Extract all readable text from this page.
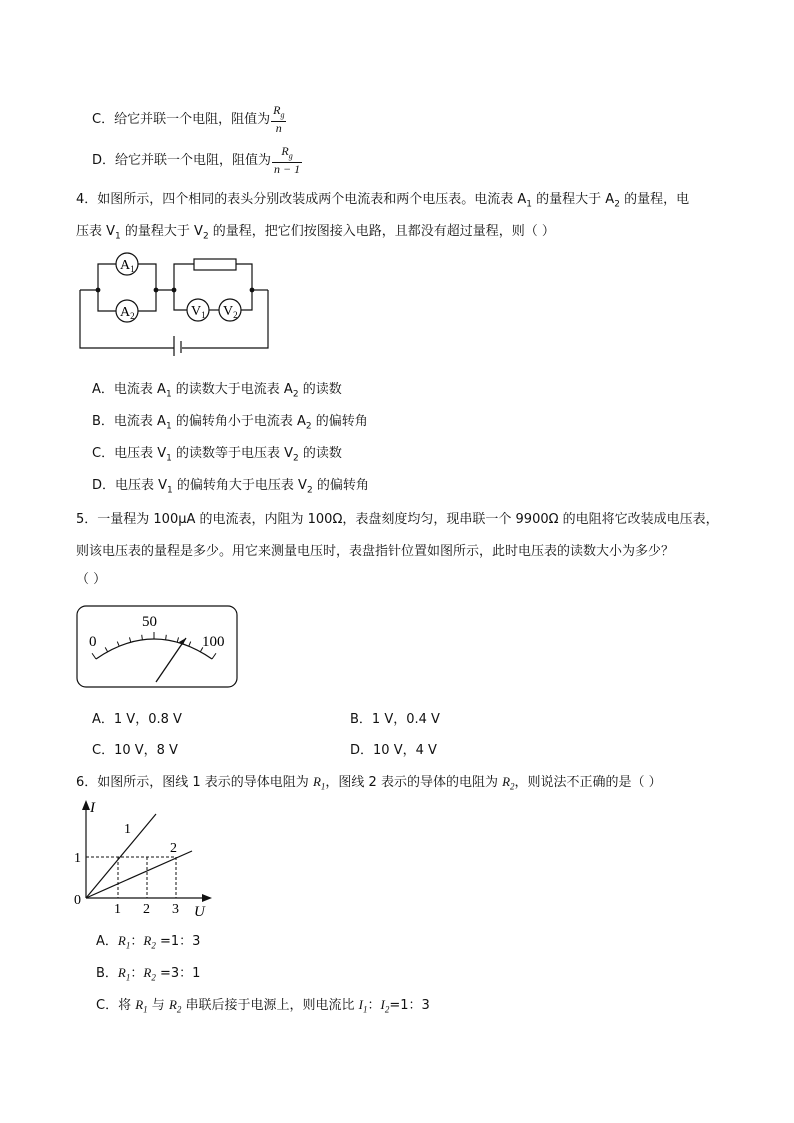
C．给它并联一个电阻，阻值为 $\frac{R_g}{n}$
D．给它并联一个电阻，阻值为 $\frac{R_g}{n - 1}$
4．如图所示，四个相同的表头分别改装成两个电流表和两个电压表。电流表 $A_1$ 的量程大于 $A_2$ 的量程，电
压表 $V_1$ 的量程大于 $V_2$ 的量程，把它们按图接入电路，且都没有超过量程，则（ ）
$A_1$
$A_2$	$V_1$ $V_2$
A．电流表 $A_1$ 的读数大于电流表 $A_2$ 的读数
B．电流表 $A_1$ 的偏转角小于电流表 $A_2$ 的偏转角
C．电压表 $V_1$ 的读数等于电压表 $V_2$ 的读数
D．电压表 $V_1$ 的偏转角大于电压表 $V_2$ 的偏转角
5．一量程为 100μA 的电流表，内阻为 100Ω，表盘刻度均匀，现串联一个 9900Ω 的电阻将它改装成电压表，
则该电压表的量程是多少。用它来测量电压时，表盘指针位置如图所示，此时电压表的读数大小为多少？
（ ）
0
50
100
A．1 V，0.8 V	B．1 V，0.4 V
C．10 V，8 V	D．10 V，4 V
6．如图所示，图线 1 表示的导体电阻为 $R_1$，图线 2 表示的导体的电阻为 $R_2$，则说法不正确的是（ ）
I
U
0
1 2 3
1
1
2
A．$R_1$：$R_2 =1$：3
B．$R_1$：$R_2 =3$：1
C．将 $R_1$ 与 $R_2$ 串联后接于电源上，则电流比 $I_1$：$I_2=1$：3
